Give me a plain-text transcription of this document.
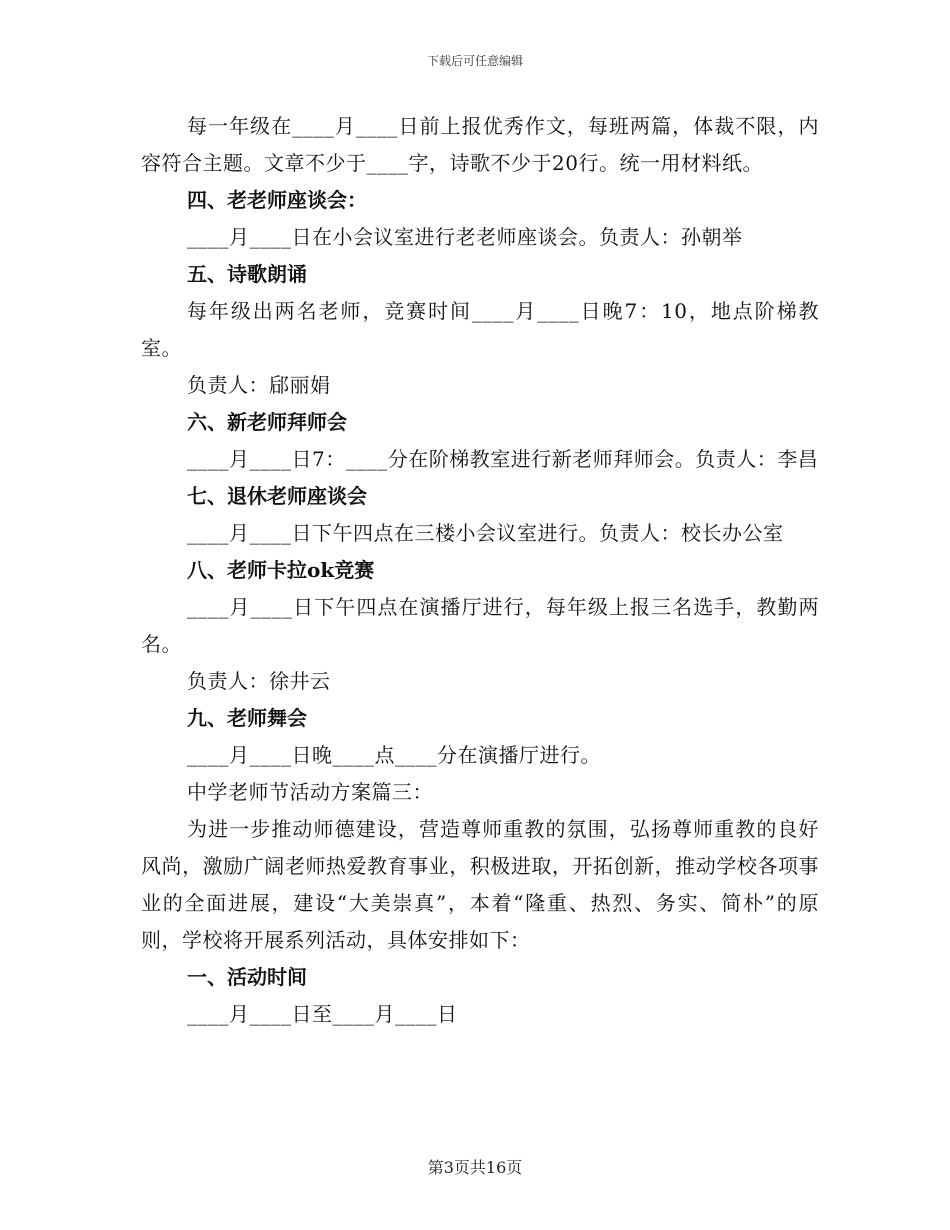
下载后可任意编辑

每一年级在____月____日前上报优秀作文，每班两篇，体裁不限，内容符合主题。文章不少于____字，诗歌不少于20行。统一用材料纸。

四、老老师座谈会：

____月____日在小会议室进行老老师座谈会。负责人：孙朝举

五、诗歌朗诵

每年级出两名老师，竞赛时间____月____日晚7：10，地点阶梯教室。

负责人：郈丽娟

六、新老师拜师会

____月____日7：____分在阶梯教室进行新老师拜师会。负责人：李昌

七、退休老师座谈会

____月____日下午四点在三楼小会议室进行。负责人：校长办公室

八、老师卡拉ok竞赛

____月____日下午四点在演播厅进行，每年级上报三名选手，教勤两名。

负责人：徐井云

九、老师舞会

____月____日晚____点____分在演播厅进行。

中学老师节活动方案篇三：

为进一步推动师德建设，营造尊师重教的氛围，弘扬尊师重教的良好风尚，激励广阔老师热爱教育事业，积极进取，开拓创新，推动学校各项事业的全面进展，建设“大美崇真”，本着“隆重、热烈、务实、简朴”的原则，学校将开展系列活动，具体安排如下：

一、活动时间

____月____日至____月____日

第3页共16页
